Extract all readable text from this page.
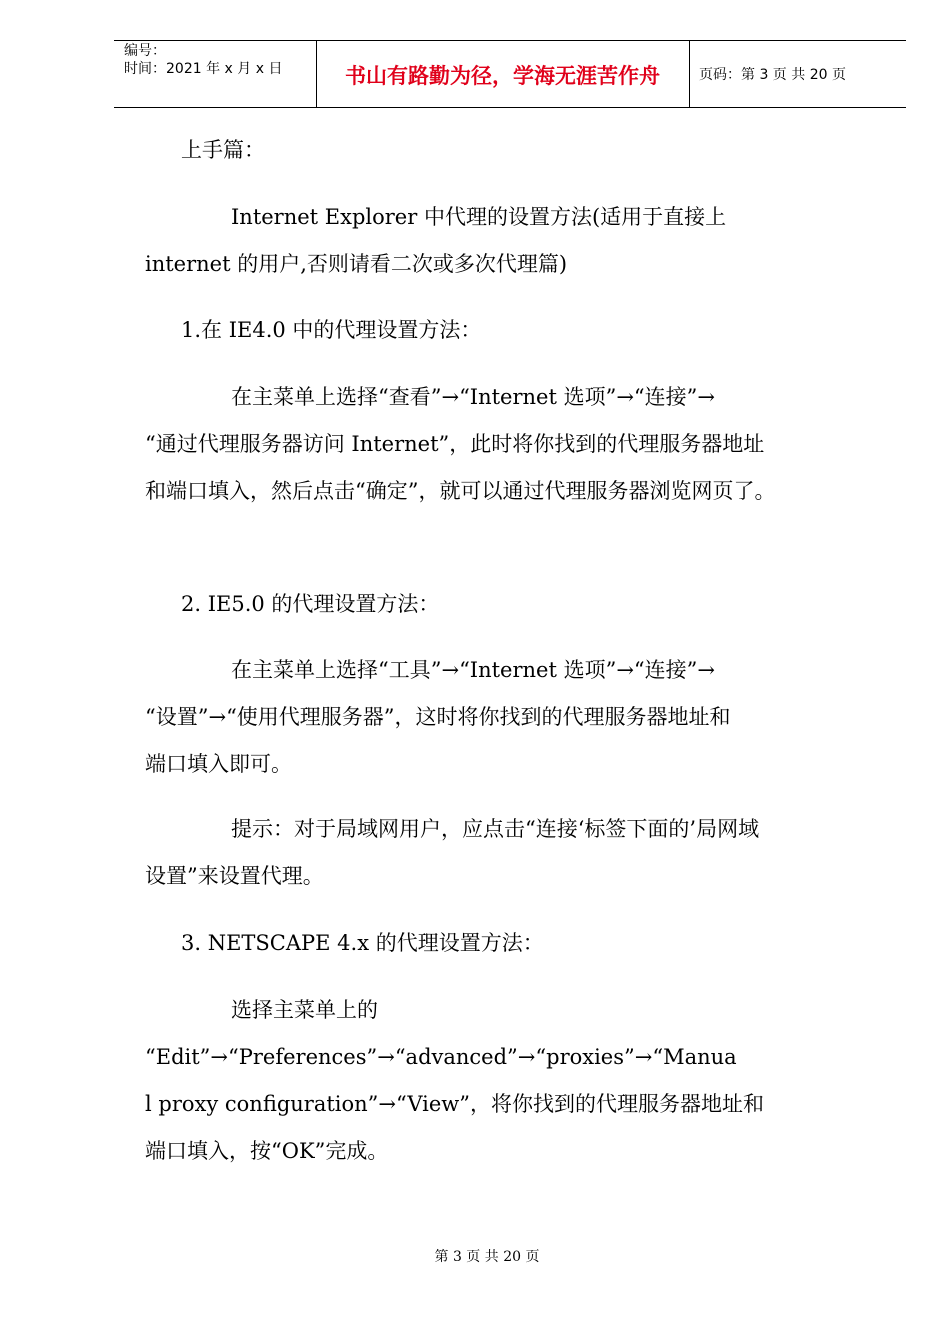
编号：
时间：2021 年 x 月 x 日	书山有路勤为径，学海无涯苦作舟	页码：第 3 页 共 20 页
上手篇：
Internet Explorer 中代理的设置方法(适用于直接上
internet 的用户,否则请看二次或多次代理篇)
1.在 IE4.0 中的代理设置方法：
在主菜单上选择“查看”→“Internet 选项”→“连接”→
“通过代理服务器访问 Internet”，此时将你找到的代理服务器地址
和端口填入，然后点击“确定”，就可以通过代理服务器浏览网页了。
2. IE5.0 的代理设置方法：
在主菜单上选择“工具”→“Internet 选项”→“连接”→
“设置”→“使用代理服务器”，这时将你找到的代理服务器地址和
端口填入即可。
提示：对于局域网用户，应点击“连接‘标签下面的’局网域
设置”来设置代理。
3. NETSCAPE 4.x 的代理设置方法：
选择主菜单上的
“Edit”→“Preferences”→“advanced”→“proxies”→“Manua
l proxy configuration”→“View”，将你找到的代理服务器地址和
端口填入，按“OK”完成。
第 3 页 共 20 页
